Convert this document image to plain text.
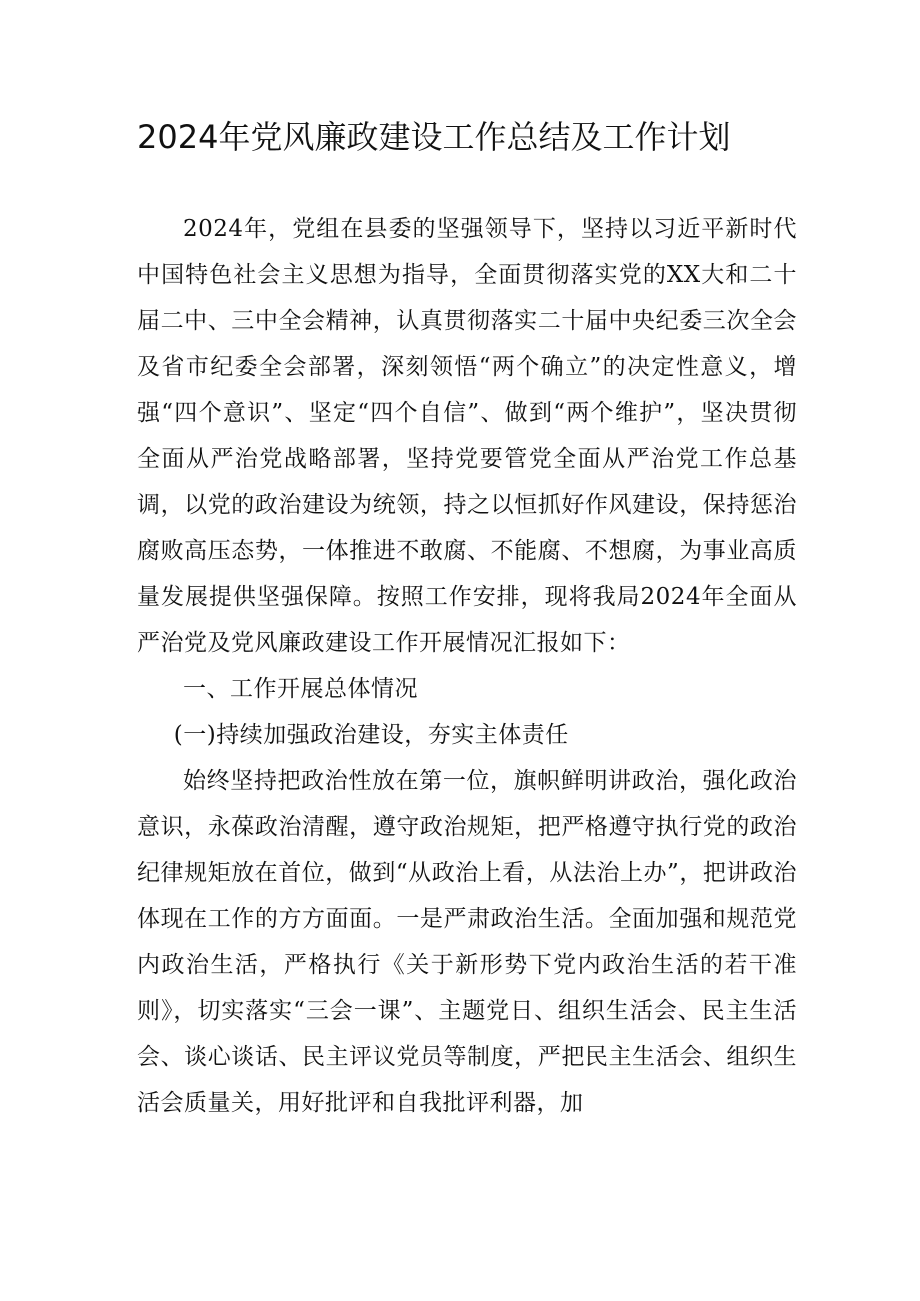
2024年党风廉政建设工作总结及工作计划

2024年，党组在县委的坚强领导下，坚持以习近平新时代中国特色社会主义思想为指导，全面贯彻落实党的XX大和二十届二中、三中全会精神，认真贯彻落实二十届中央纪委三次全会及省市纪委全会部署，深刻领悟“两个确立”的决定性意义，增强“四个意识”、坚定“四个自信”、做到“两个维护”，坚决贯彻全面从严治党战略部署，坚持党要管党全面从严治党工作总基调，以党的政治建设为统领，持之以恒抓好作风建设，保持惩治腐败高压态势，一体推进不敢腐、不能腐、不想腐，为事业高质量发展提供坚强保障。按照工作安排，现将我局2024年全面从严治党及党风廉政建设工作开展情况汇报如下：

一、工作开展总体情况

(一)持续加强政治建设，夯实主体责任

始终坚持把政治性放在第一位，旗帜鲜明讲政治，强化政治意识，永葆政治清醒，遵守政治规矩，把严格遵守执行党的政治纪律规矩放在首位，做到“从政治上看，从法治上办”，把讲政治体现在工作的方方面面。一是严肃政治生活。全面加强和规范党内政治生活，严格执行《关于新形势下党内政治生活的若干准则》，切实落实“三会一课”、主题党日、组织生活会、民主生活会、谈心谈话、民主评议党员等制度，严把民主生活会、组织生活会质量关，用好批评和自我批评利器，加
